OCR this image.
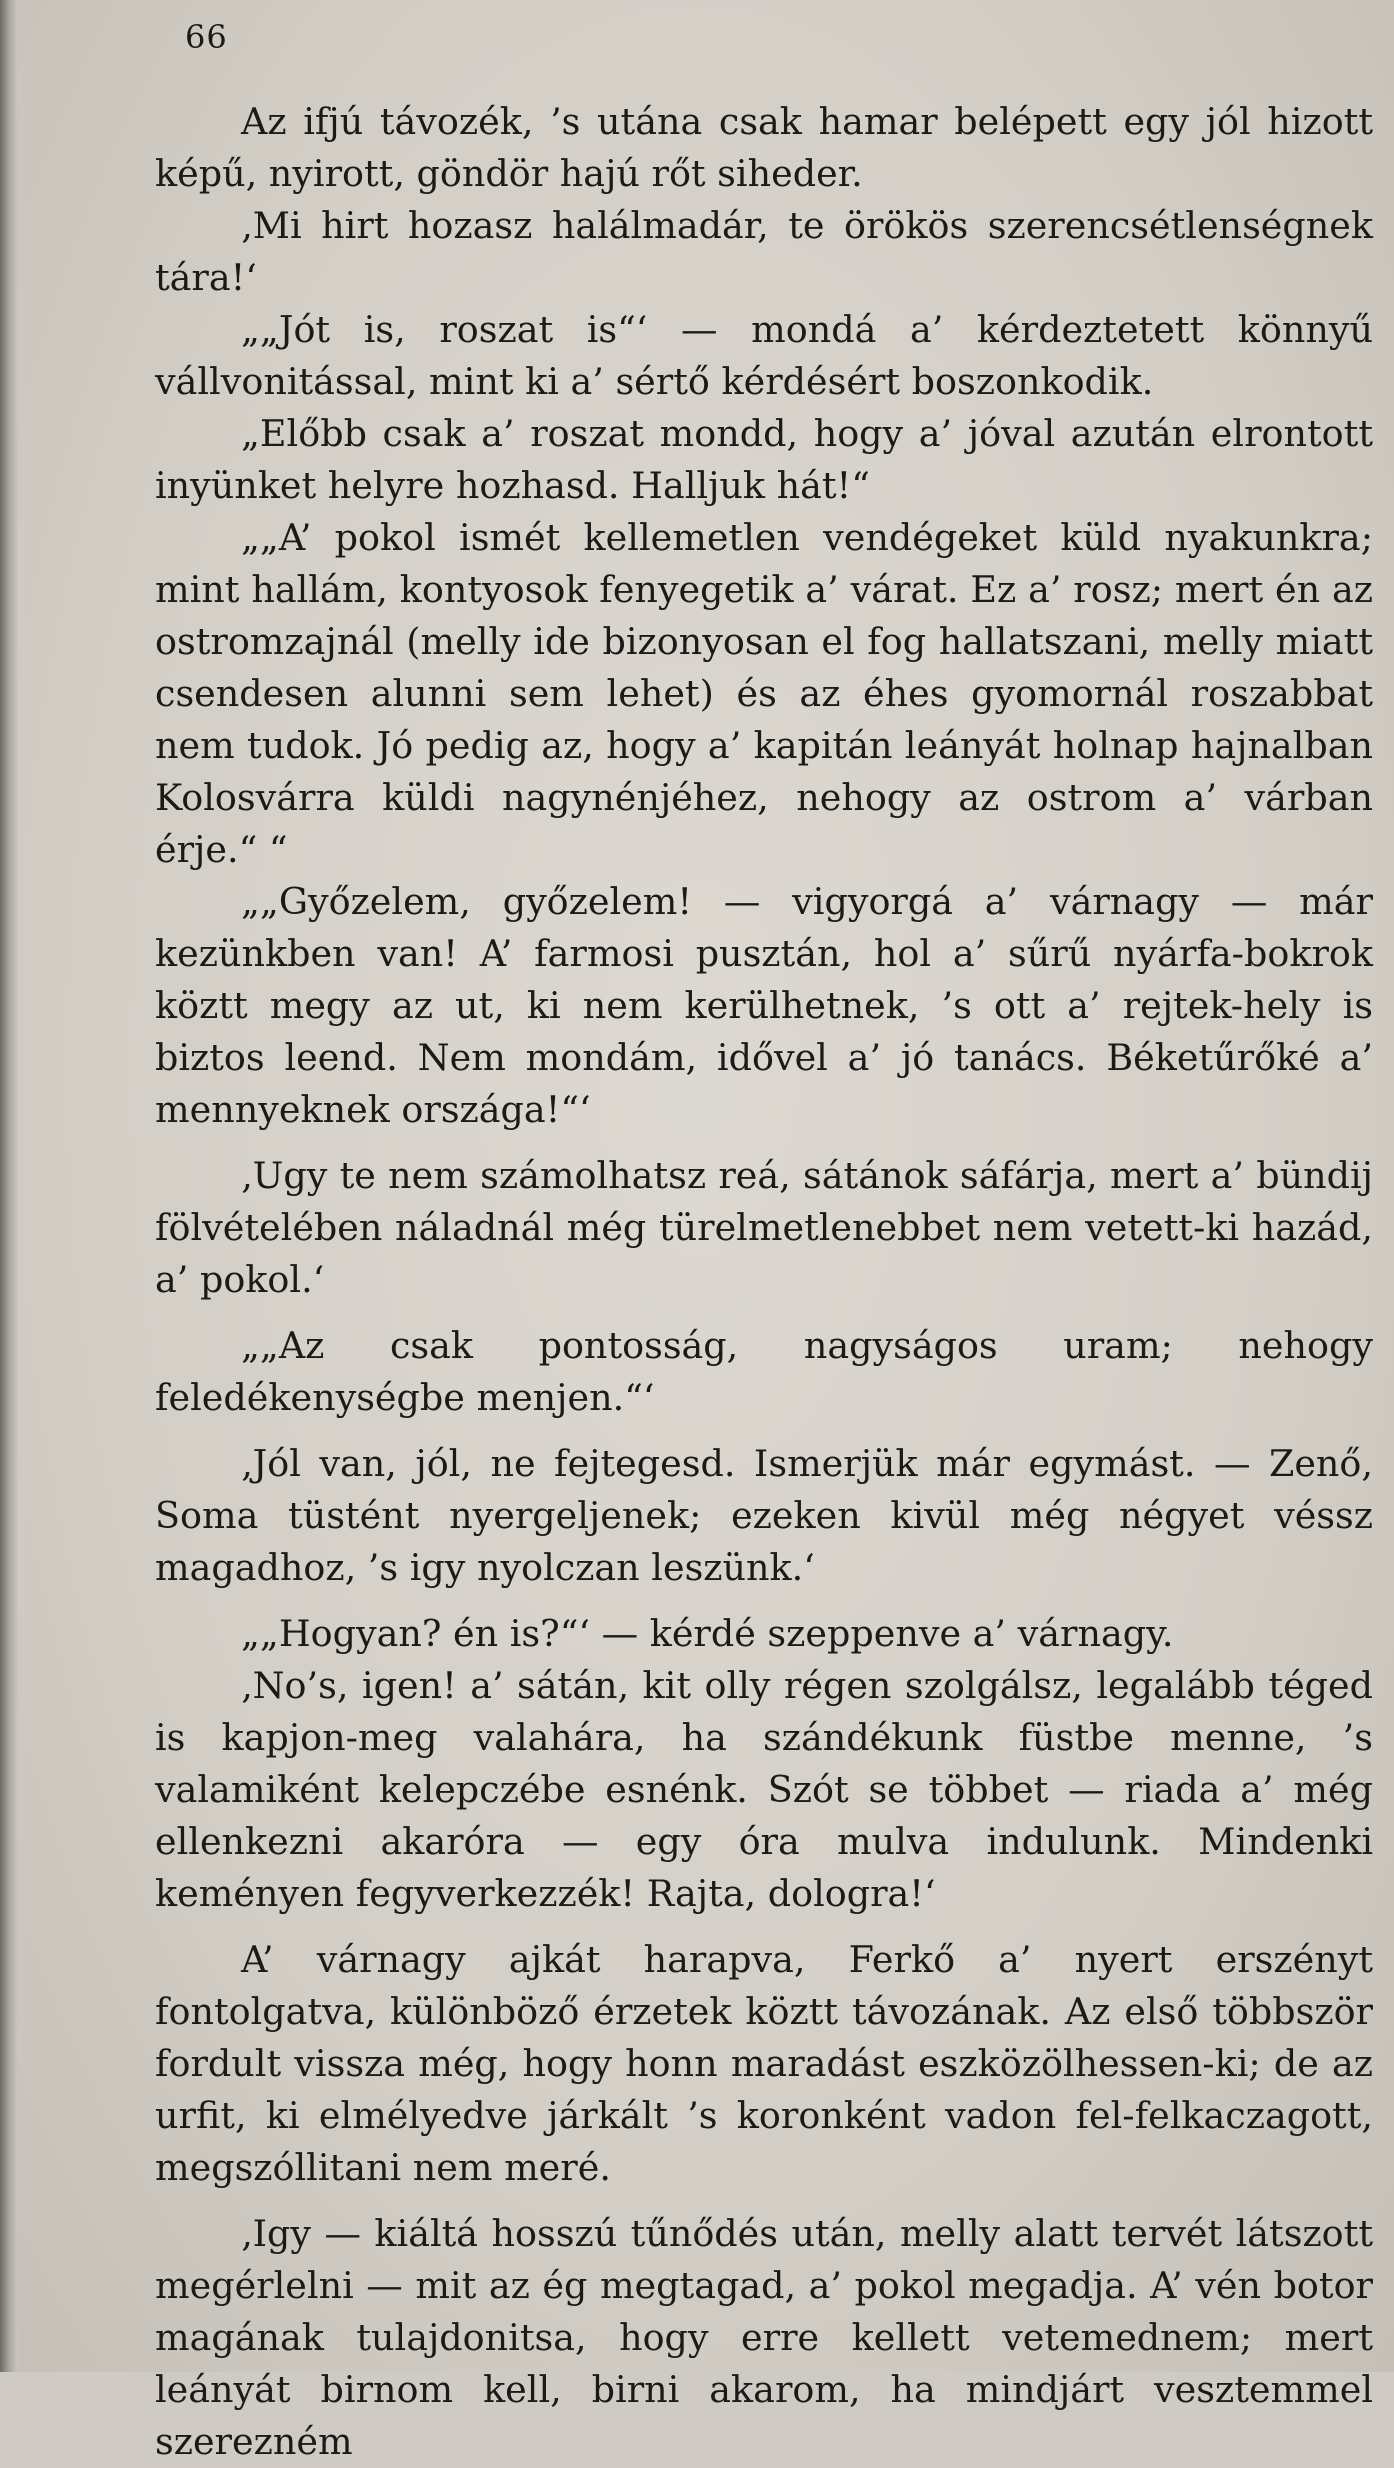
66

Az ifjú távozék, ’s utána csak hamar belépett egy jól hizott képű, nyirott, göndör hajú rőt siheder.

‚Mi hirt hozasz halálmadár, te örökös szerencsétlenségnek tára!‘

„„Jót is, roszat is“‘ — mondá a’ kérdeztetett könnyű vállvonitással, mint ki a’ sértő kérdésért boszonkodik.

„Előbb csak a’ roszat mondd, hogy a’ jóval azután elrontott inyünket helyre hozhasd. Halljuk hát!“

„„A’ pokol ismét kellemetlen vendégeket küld nyakunkra; mint hallám, kontyosok fenyegetik a’ várat. Ez a’ rosz; mert én az ostromzajnál (melly ide bizonyosan el fog hallatszani, melly miatt csendesen alunni sem lehet) és az éhes gyomornál roszabbat nem tudok. Jó pedig az, hogy a’ kapitán leányát holnap hajnalban Kolosvárra küldi nagynénjéhez, nehogy az ostrom a’ várban érje.“ “

„„Győzelem, győzelem! — vigyorgá a’ várnagy — már kezünkben van! A’ farmosi pusztán, hol a’ sűrű nyárfa-bokrok köztt megy az ut, ki nem kerülhetnek, ’s ott a’ rejtek-hely is biztos leend. Nem mondám, idővel a’ jó tanács. Béketűrőké a’ mennyeknek országa!“‘

‚Ugy te nem számolhatsz reá, sátánok sáfárja, mert a’ bündij fölvételében náladnál még türelmetlenebbet nem vetett-ki hazád, a’ pokol.‘

„„Az csak pontosság, nagyságos uram; nehogy feledékenységbe menjen.“‘

‚Jól van, jól, ne fejtegesd. Ismerjük már egymást. — Zenő, Soma tüstént nyergeljenek; ezeken kivül még négyet véssz magadhoz, ’s igy nyolczan leszünk.‘

„„Hogyan? én is?“‘ — kérdé szeppenve a’ várnagy.

‚No’s, igen! a’ sátán, kit olly régen szolgálsz, legalább téged is kapjon-meg valahára, ha szándékunk füstbe menne, ’s valamiként kelepczébe esnénk. Szót se többet — riada a’ még ellenkezni akaróra — egy óra mulva indulunk. Mindenki keményen fegyverkezzék! Rajta, dologra!‘

A’ várnagy ajkát harapva, Ferkő a’ nyert erszényt fontolgatva, különböző érzetek köztt távozának. Az első többször fordult vissza még, hogy honn maradást eszközölhessen-ki; de az urfit, ki elmélyedve járkált ’s koronként vadon fel-felkaczagott, megszóllitani nem meré.

‚Igy — kiáltá hosszú tűnődés után, melly alatt tervét látszott megérlelni — mit az ég megtagad, a’ pokol megadja. A’ vén botor magának tulajdonitsa, hogy erre kellett vetemednem; mert leányát birnom kell, birni akarom, ha mindjárt vesztemmel szerezném
